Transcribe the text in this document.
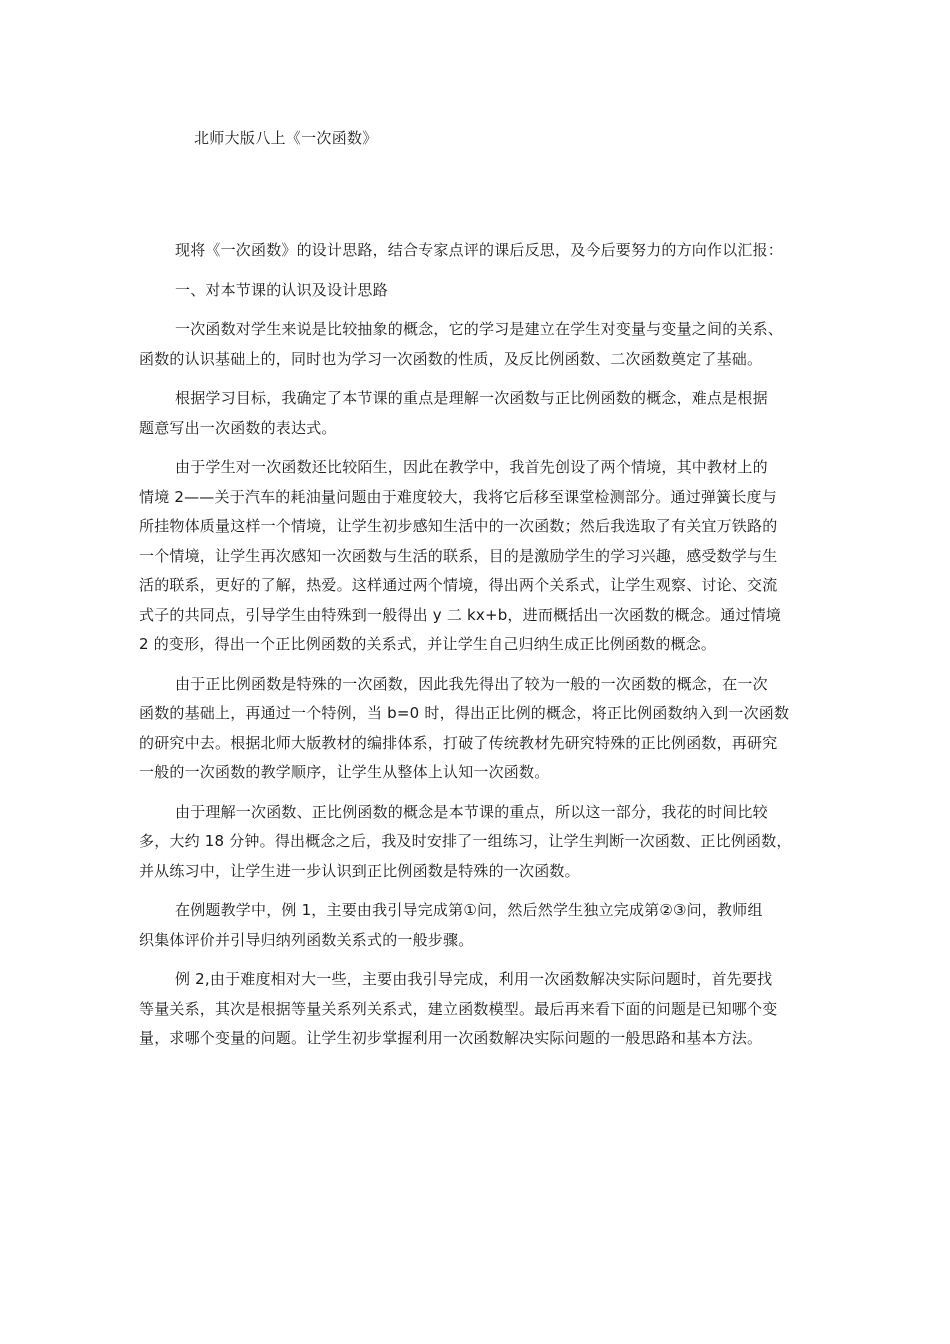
北师大版八上《一次函数》
现将《一次函数》的设计思路，结合专家点评的课后反思，及今后要努力的方向作以汇报：
一、对本节课的认识及设计思路
一次函数对学生来说是比较抽象的概念，它的学习是建立在学生对变量与变量之间的关系、
函数的认识基础上的，同时也为学习一次函数的性质，及反比例函数、二次函数奠定了基础。
根据学习目标，我确定了本节课的重点是理解一次函数与正比例函数的概念，难点是根据
题意写出一次函数的表达式。
由于学生对一次函数还比较陌生，因此在教学中，我首先创设了两个情境，其中教材上的
情境 2——关于汽车的耗油量问题由于难度较大，我将它后移至课堂检测部分。通过弹簧长度与
所挂物体质量这样一个情境，让学生初步感知生活中的一次函数；然后我选取了有关宜万铁路的
一个情境，让学生再次感知一次函数与生活的联系，目的是激励学生的学习兴趣，感受数学与生
活的联系，更好的了解，热爱。这样通过两个情境，得出两个关系式，让学生观察、讨论、交流
式子的共同点，引导学生由特殊到一般得出 y 二 kx+b，进而概括出一次函数的概念。通过情境
2 的变形，得出一个正比例函数的关系式，并让学生自己归纳生成正比例函数的概念。
由于正比例函数是特殊的一次函数，因此我先得出了较为一般的一次函数的概念，在一次
函数的基础上，再通过一个特例，当 b=0 时，得出正比例的概念，将正比例函数纳入到一次函数
的研究中去。根据北师大版教材的编排体系，打破了传统教材先研究特殊的正比例函数，再研究
一般的一次函数的教学顺序，让学生从整体上认知一次函数。
由于理解一次函数、正比例函数的概念是本节课的重点，所以这一部分，我花的时间比较
多，大约 18 分钟。得出概念之后，我及时安排了一组练习，让学生判断一次函数、正比例函数，
并从练习中，让学生进一步认识到正比例函数是特殊的一次函数。
在例题教学中，例 1，主要由我引导完成第①问，然后然学生独立完成第②③问，教师组
织集体评价并引导归纳列函数关系式的一般步骤。
例 2,由于难度相对大一些，主要由我引导完成，利用一次函数解决实际问题时，首先要找
等量关系，其次是根据等量关系列关系式，建立函数模型。最后再来看下面的问题是已知哪个变
量，求哪个变量的问题。让学生初步掌握利用一次函数解决实际问题的一般思路和基本方法。
